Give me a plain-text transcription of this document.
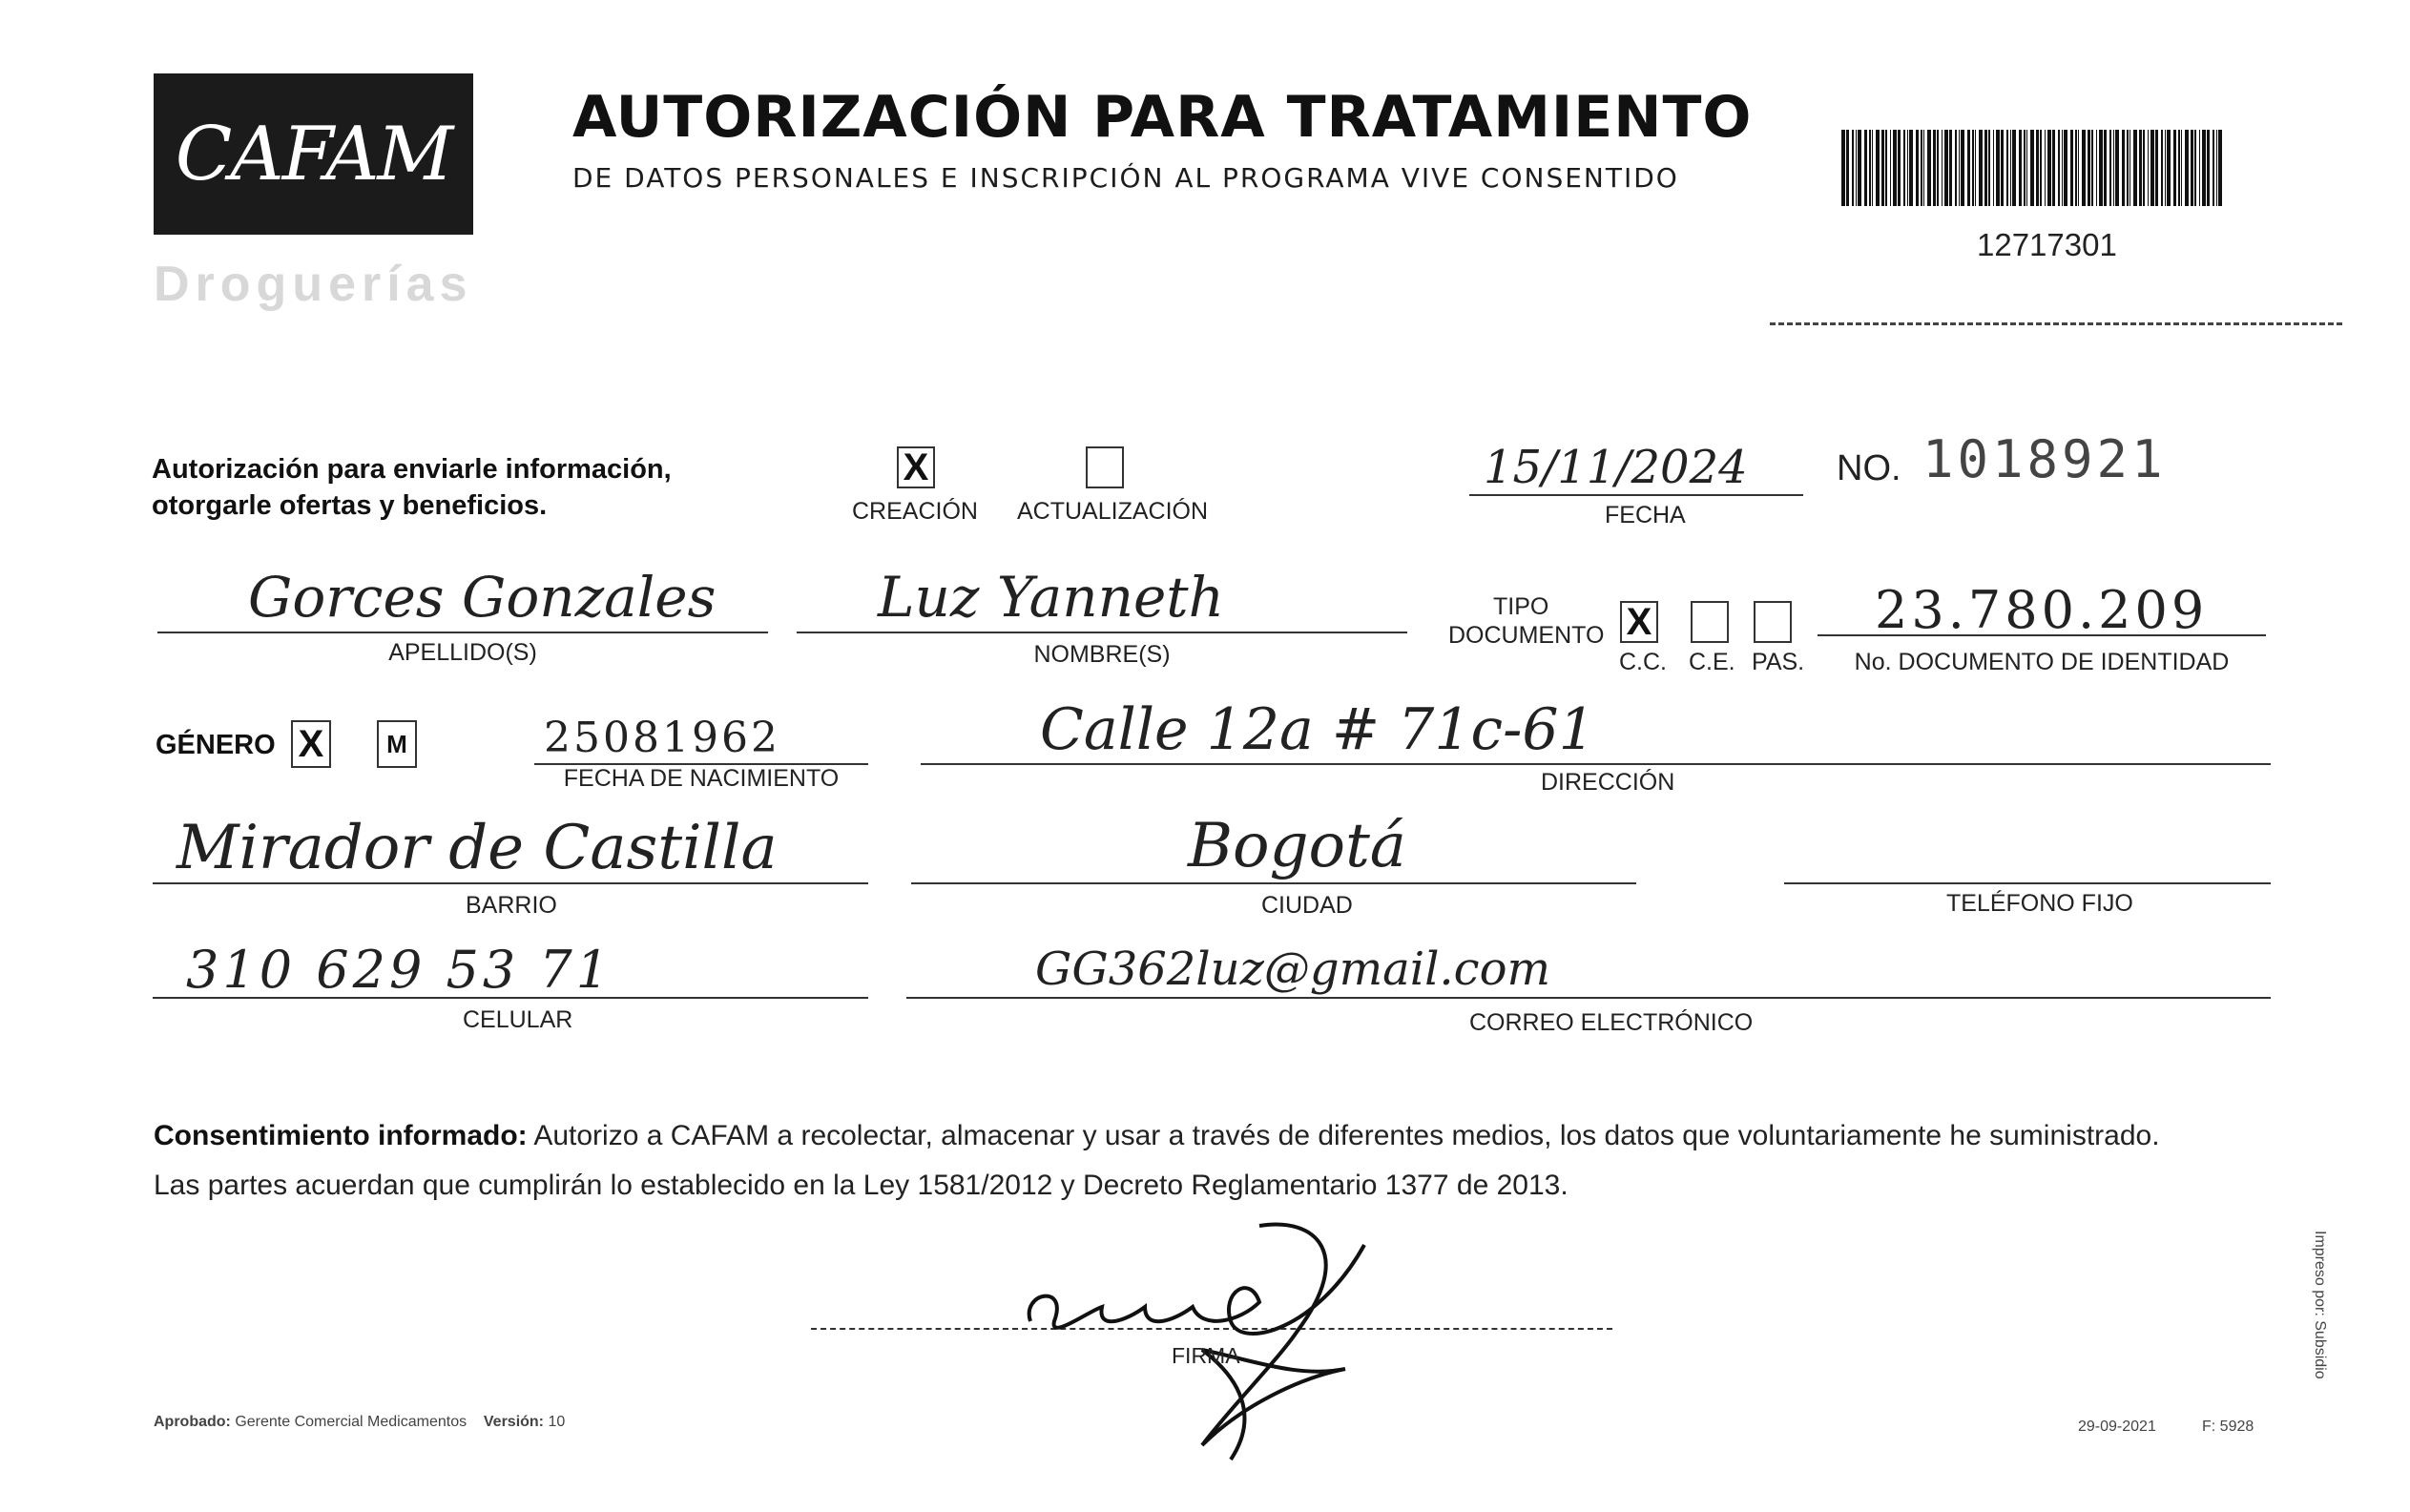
CAFAM
Droguerías
AUTORIZACIÓN PARA TRATAMIENTO
DE DATOS PERSONALES E INSCRIPCIÓN AL PROGRAMA VIVE CONSENTIDO
12717301
Autorización para enviarle información,
otorgarle ofertas y beneficios.
X
CREACIÓN ACTUALIZACIÓN
15/11/2024
FECHA
NO. 1018921
Gorces Gonzales
APELLIDO(S)
Luz Yanneth
NOMBRE(S)
TIPO
DOCUMENTO X
C.C. C.E. PAS.
23.780.209
No. DOCUMENTO DE IDENTIDAD
GÉNERO X	M	25081962
FECHA DE NACIMIENTO
Calle 12a # 71c-61
DIRECCIÓN
Mirador de Castilla
BARRIO
Bogotá
CIUDAD	TELÉFONO FIJO
310 629 53 71
CELULAR
GG362luz@gmail.com
CORREO ELECTRÓNICO
Consentimiento informado: Autorizo a CAFAM a recolectar, almacenar y usar a través de diferentes medios, los datos que voluntariamente he suministrado.
Las partes acuerdan que cumplirán lo establecido en la Ley 1581/2012 y Decreto Reglamentario 1377 de 2013.
FIRMA
Aprobado: Gerente Comercial Medicamentos Versión: 10	29-09-2021	F: 5928
Impreso por: Subsidio
